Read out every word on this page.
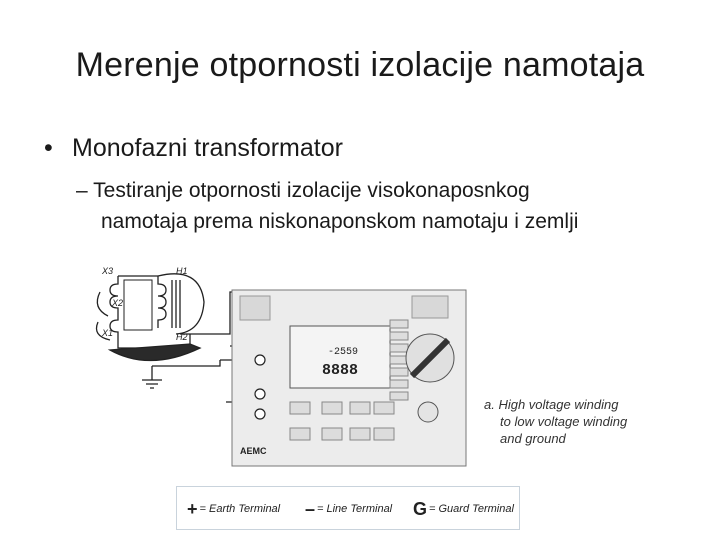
Merenje otpornosti izolacije namotaja
• Monofazni transformator
– Testiranje otpornosti izolacije visokonaposnkog
namotaja prema niskonaponskom namotaju i zemlji
X3	H1
X2
X1	H2
-2559
8888
AEMC
a. High voltage winding
to low voltage winding
and ground
+ = Earth Terminal – = Line Terminal G = Guard Terminal
